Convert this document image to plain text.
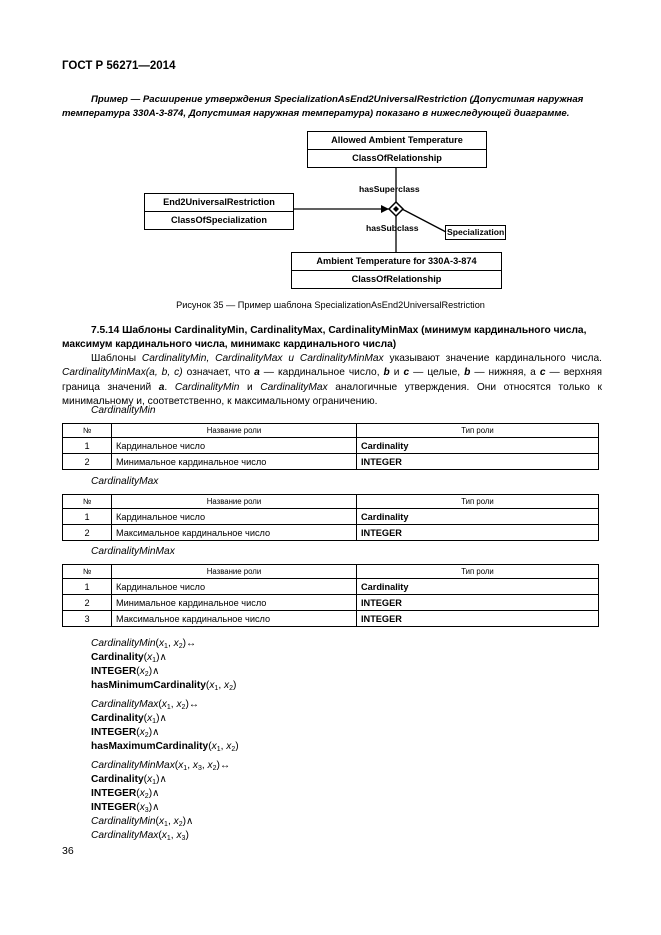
ГОСТ Р 56271—2014
Пример — Расширение утверждения SpecializationAsEnd2UniversalRestriction (Допустимая наружная температура 330А-3-874, Допустимая наружная температура) показано в нижеследующей диаграмме.
Allowed Ambient Temperature
ClassOfRelationship
End2UniversalRestriction
ClassOfSpecialization
Ambient Temperature for 330A-3-874
ClassOfRelationship
hasSuperclass
hasSubclass	Specialization
Рисунок 35 — Пример шаблона SpecializationAsEnd2UniversalRestriction
7.5.14 Шаблоны CardinalityMin, CardinalityMax, CardinalityMinMax (минимум кардинального числа, максимум кардинального числа, минимакс кардинального числа)
Шаблоны CardinalityMin, CardinalityMax и CardinalityMinMax указывают значение кардинального числа. CardinalityMinMax(a, b, c) означает, что a — кардинальное число, b и c — целые, b — нижняя, а c — верхняя граница значений a. CardinalityMin и CardinalityMax аналогичные утверждения. Они относятся только к минимальному и, соответственно, к максимальному ограничению.
CardinalityMin
№	Название роли	Тип роли
1	Кардинальное число	Cardinality
2	Минимальное кардинальное число	INTEGER
CardinalityMax
№	Название роли	Тип роли
1	Кардинальное число	Cardinality
2	Максимальное кардинальное число	INTEGER
CardinalityMinMax
№	Название роли	Тип роли
1	Кардинальное число	Cardinality
2	Минимальное кардинальное число	INTEGER
3	Максимальное кардинальное число	INTEGER
$CardinalityMin(x_1$, $x_2)\leftrightarrow$
$Cardinality(x_1)\wedge$
$INTEGER(x_2)\wedge$
$hasMinimumCardinality(x_1$, $x_2$)
$CardinalityMax(x_1$, $x_2)\leftrightarrow$
$Cardinality(x_1)\wedge$
$INTEGER(x_2)\wedge$
$hasMaximumCardinality(x_1$, $x_2$)
$CardinalityMinMax(x_1$, $x_3$, $x_2)\leftrightarrow$
$Cardinality(x_1)\wedge$
$INTEGER(x_2)\wedge$
$INTEGER(x_3)\wedge$
$CardinalityMin(x_1$, $x_2)\wedge$
$CardinalityMax(x_1$, $x_3$)
36
